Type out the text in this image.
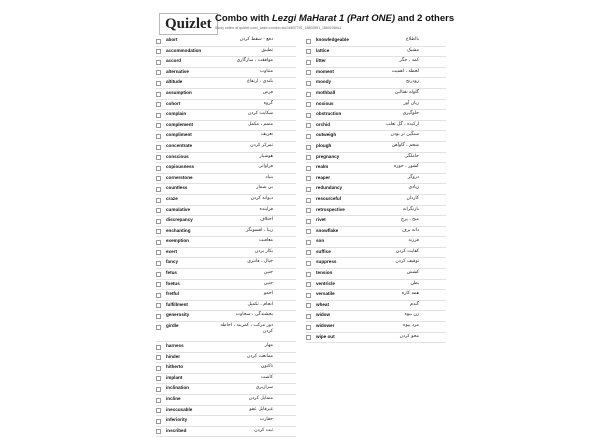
Quizlet Combo with Lezgi MaHarat 1 (Part ONE) and 2 others
Study online at quizlet.com/_cash=combo=cis/16837791_18802891_18602084s1
abort	دفع - سقط کردن
accommodation	تطبیق
accord	موافقت ، سازگاری
alternative	متناوب
altitude	بلندی ، ارتفاع
assumption	فرض
cohort	گروه
complain	شکایت کردن
complement	متمم ، مکمل
compliment	تعریف
concentrate	تمرکز کردن
conscious	هوشیار
copiousness	فراوانی
cornerstone	بنیاد
countless	بی شمار
craze	دیوانه کردن
cumulative	فزاینده
discrepancy	اختلاف
enchanting	زیبا ، افسونگر
exemption	معافیت
exert	بکار بردن
fancy	خیال ، فانتزی
fetus	جنین
foetus	جنین
fretful	اخمو
fulfillment	انجام ، تکمیل
generosity	بخشندگی ، سخاوت
girdle	دور مرکب ، کمربند ، احاطه کردن
harness	مهار
hinder	ممانعت کردن
hitherto	تاکنون
implant	کاشت
inclination	سرازیری
incline	متمایل کردن
inexcusable	غیرقابل عفو
inferiority	حقارت
inscribed	ثبت کردن
knowledgeable	بااطلاع
lattice	مشبک
litter	کمد ، جگر
moment	لحظه ، اهمیت
moody	زودرنج
mothball	گلوله نفتالین
noxious	زیان آور
obstruction	جلوگیری
orchid	ارکیده ، گل ثعلب
outweigh	سنگین تر بودن
plough	شخم ، گاوآهن
pregnancy	حاملگی
realm	کشور ، حوزه
reaper	دروگر
redundancy	زیادی
resourceful	کاردان
retrospective	بازنگرانه
rivet	میخ ، پرچ
snowflake	دانه برف
son	فرزند
suffice	کفایت کردن
suppress	توقیف کردن
tension	کشش
ventricle	بطن
versatile	همه کاره
wheat	گندم
widow	زن بیوه
widower	مرد بیوه
wipe out	محو کردن
